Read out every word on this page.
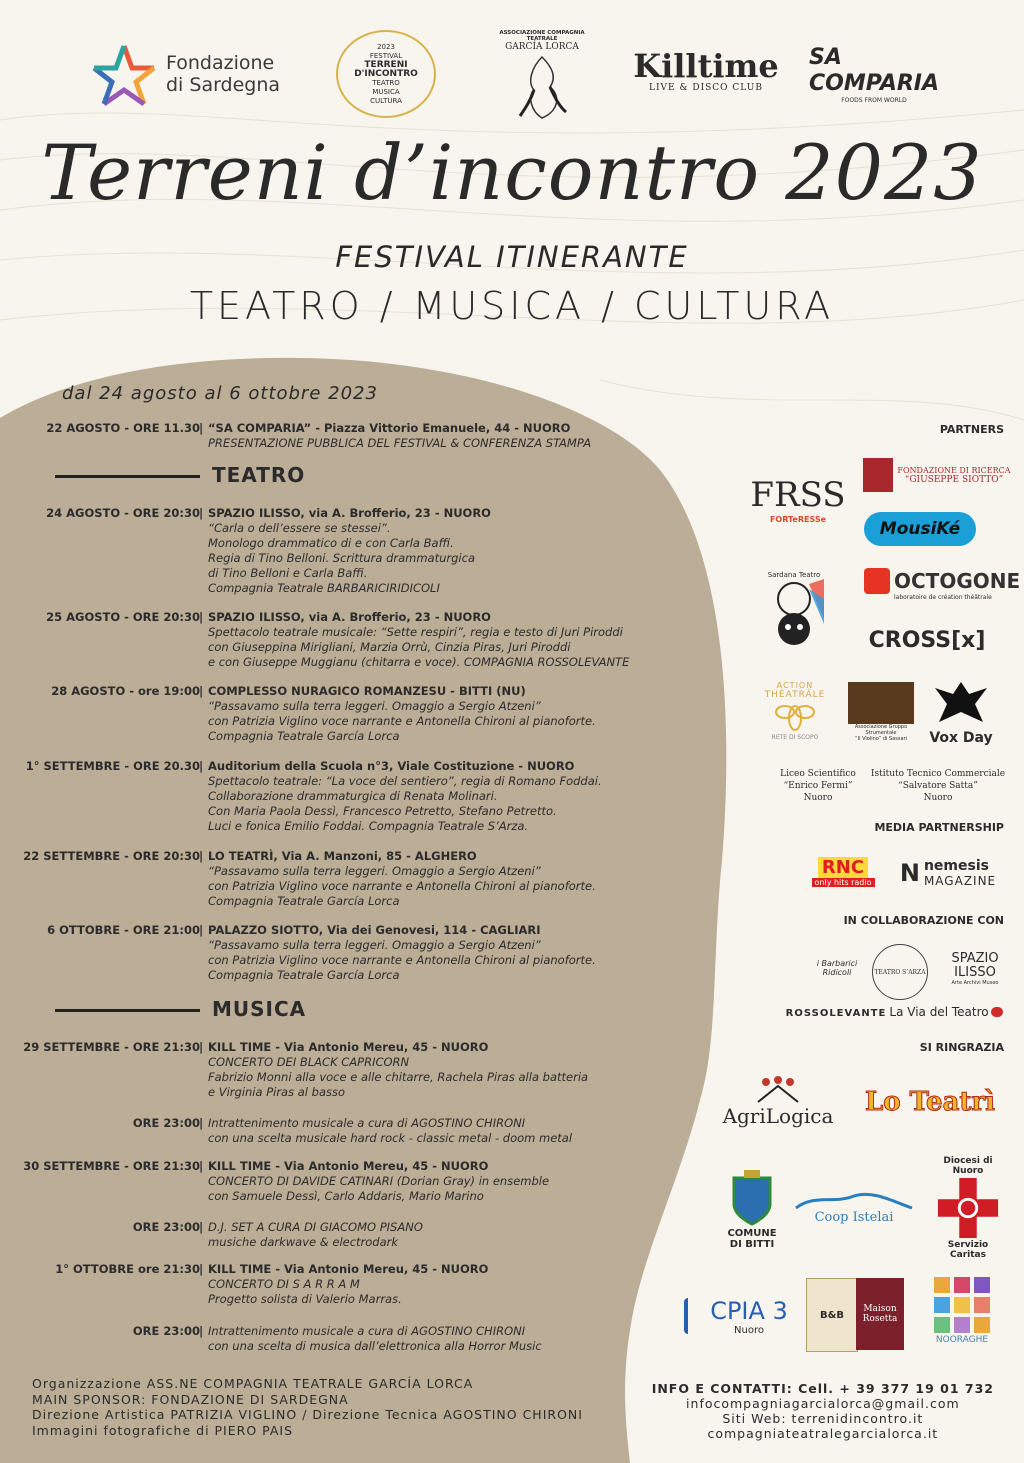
Fondazione di Sardegna
2023
FESTIVAL
TERRENI
D'INCONTRO
TEATRO
MUSICA
CULTURA
ASSOCIAZIONE COMPAGNIA TEATRALE
GARCÍA LORCA Killtime
LIVE & DISCO CLUB
SA COMPARIA
FOODS FROM WORLD
Terreni d’incontro 2023
FESTIVAL ITINERANTE
TEATRO / MUSICA / CULTURA
dal 24 agosto al 6 ottobre 2023
22 AGOSTO - ORE 11.30 | “SA COMPARIA” - Piazza Vittorio Emanuele, 44 - NUORO
PRESENTAZIONE PUBBLICA DEL FESTIVAL & CONFERENZA STAMPA
TEATRO
24 AGOSTO - ORE 20:30 | SPAZIO ILISSO, via A. Brofferio, 23 - NUORO
“Carla o dell’essere se stessei”.
Monologo drammatico di e con Carla Baffi.
Regia di Tino Belloni. Scrittura drammaturgica
di Tino Belloni e Carla Baffi.
Compagnia Teatrale BARBARICIRIDICOLI
25 AGOSTO - ORE 20:30 | SPAZIO ILISSO, via A. Brofferio, 23 - NUORO
Spettacolo teatrale musicale: “Sette respiri”, regia e testo di Juri Piroddi
con Giuseppina Mirigliani, Marzia Orrù, Cinzia Piras, Juri Piroddi
e con Giuseppe Muggianu (chitarra e voce). COMPAGNIA ROSSOLEVANTE
28 AGOSTO - ore 19:00 | COMPLESSO NURAGICO ROMANZESU - BITTI (NU)
“Passavamo sulla terra leggeri. Omaggio a Sergio Atzeni”
con Patrizia Viglino voce narrante e Antonella Chironi al pianoforte.
Compagnia Teatrale García Lorca
1° SETTEMBRE - ORE 20.30 | Auditorium della Scuola n°3, Viale Costituzione - NUORO
Spettacolo teatrale: “La voce del sentiero”, regia di Romano Foddai.
Collaborazione drammaturgica di Renata Molinari.
Con Maria Paola Dessì, Francesco Petretto, Stefano Petretto.
Luci e fonica Emilio Foddai. Compagnia Teatrale S’Arza.
22 SETTEMBRE - ORE 20:30 | LO TEATRÌ, Via A. Manzoni, 85 - ALGHERO
“Passavamo sulla terra leggeri. Omaggio a Sergio Atzeni”
con Patrizia Viglino voce narrante e Antonella Chironi al pianoforte.
Compagnia Teatrale García Lorca
6 OTTOBRE - ORE 21:00 | PALAZZO SIOTTO, Via dei Genovesi, 114 - CAGLIARI
“Passavamo sulla terra leggeri. Omaggio a Sergio Atzeni”
con Patrizia Viglino voce narrante e Antonella Chironi al pianoforte.
Compagnia Teatrale García Lorca
MUSICA
29 SETTEMBRE - ORE 21:30 | KILL TIME - Via Antonio Mereu, 45 - NUORO
CONCERTO DEI BLACK CAPRICORN
Fabrizio Monni alla voce e alle chitarre, Rachela Piras alla batteria
e Virginia Piras al basso
ORE 23:00 | Intrattenimento musicale a cura di AGOSTINO CHIRONI
con una scelta musicale hard rock - classic metal - doom metal
30 SETTEMBRE - ORE 21:30 | KILL TIME - Via Antonio Mereu, 45 - NUORO
CONCERTO DI DAVIDE CATINARI (Dorian Gray) in ensemble
con Samuele Dessì, Carlo Addaris, Mario Marino
ORE 23:00 | D.J. SET A CURA DI GIACOMO PISANO
musiche darkwave & electrodark
1° OTTOBRE ore 21:30 | KILL TIME - Via Antonio Mereu, 45 - NUORO
CONCERTO DI S A R R A M
Progetto solista di Valerio Marras.
ORE 23:00 | Intrattenimento musicale a cura di AGOSTINO CHIRONI
con una scelta di musica dall’elettronica alla Horror Music
Organizzazione ASS.NE COMPAGNIA TEATRALE GARCÍA LORCA
MAIN SPONSOR: FONDAZIONE DI SARDEGNA
Direzione Artistica PATRIZIA VIGLINO / Direzione Tecnica AGOSTINO CHIRONI
Immagini fotografiche di PIERO PAIS
INFO E CONTATTI: Cell. + 39 377 19 01 732
infocompagniagarcialorca@gmail.com
Siti Web: terrenidincontro.it
compagniateatralegarcialorca.it
PARTNERS
FRSS
FORTeRESSe
FONDAZIONE DI RICERCA
“GIUSEPPE SIOTTO”
MousiKé
Sardana Teatro	OCTOGONE
laboratoire de création théâtrale
CROSS[x]
ACTION
THÉATRÂLE
RETE DI SCOPO
Associazione Gruppo
Strumentale
“Il Violino” di Sassari Vox Day
Liceo Scientifico
“Enrico Fermi”
Nuoro
Istituto Tecnico Commerciale
“Salvatore Satta”
Nuoro
MEDIA PARTNERSHIP
RNC
only hits radio N nemesis
MAGAZINE
IN COLLABORAZIONE CON
i Barbarici Ridicoli	TEATRO S’ARZA
SPAZIO
ILISSO
Arte Archivi Museo
ROSSOLEVANTE La Via del Teatro
SI RINGRAZIA
AgriLogica Lo Teatrì
COMUNE
DI BITTI
Coop Istelai
Diocesi di Nuoro
Servizio Caritas
CPIA 3
Nuoro
B&B
Maison
Rosetta
NOORAGHE
